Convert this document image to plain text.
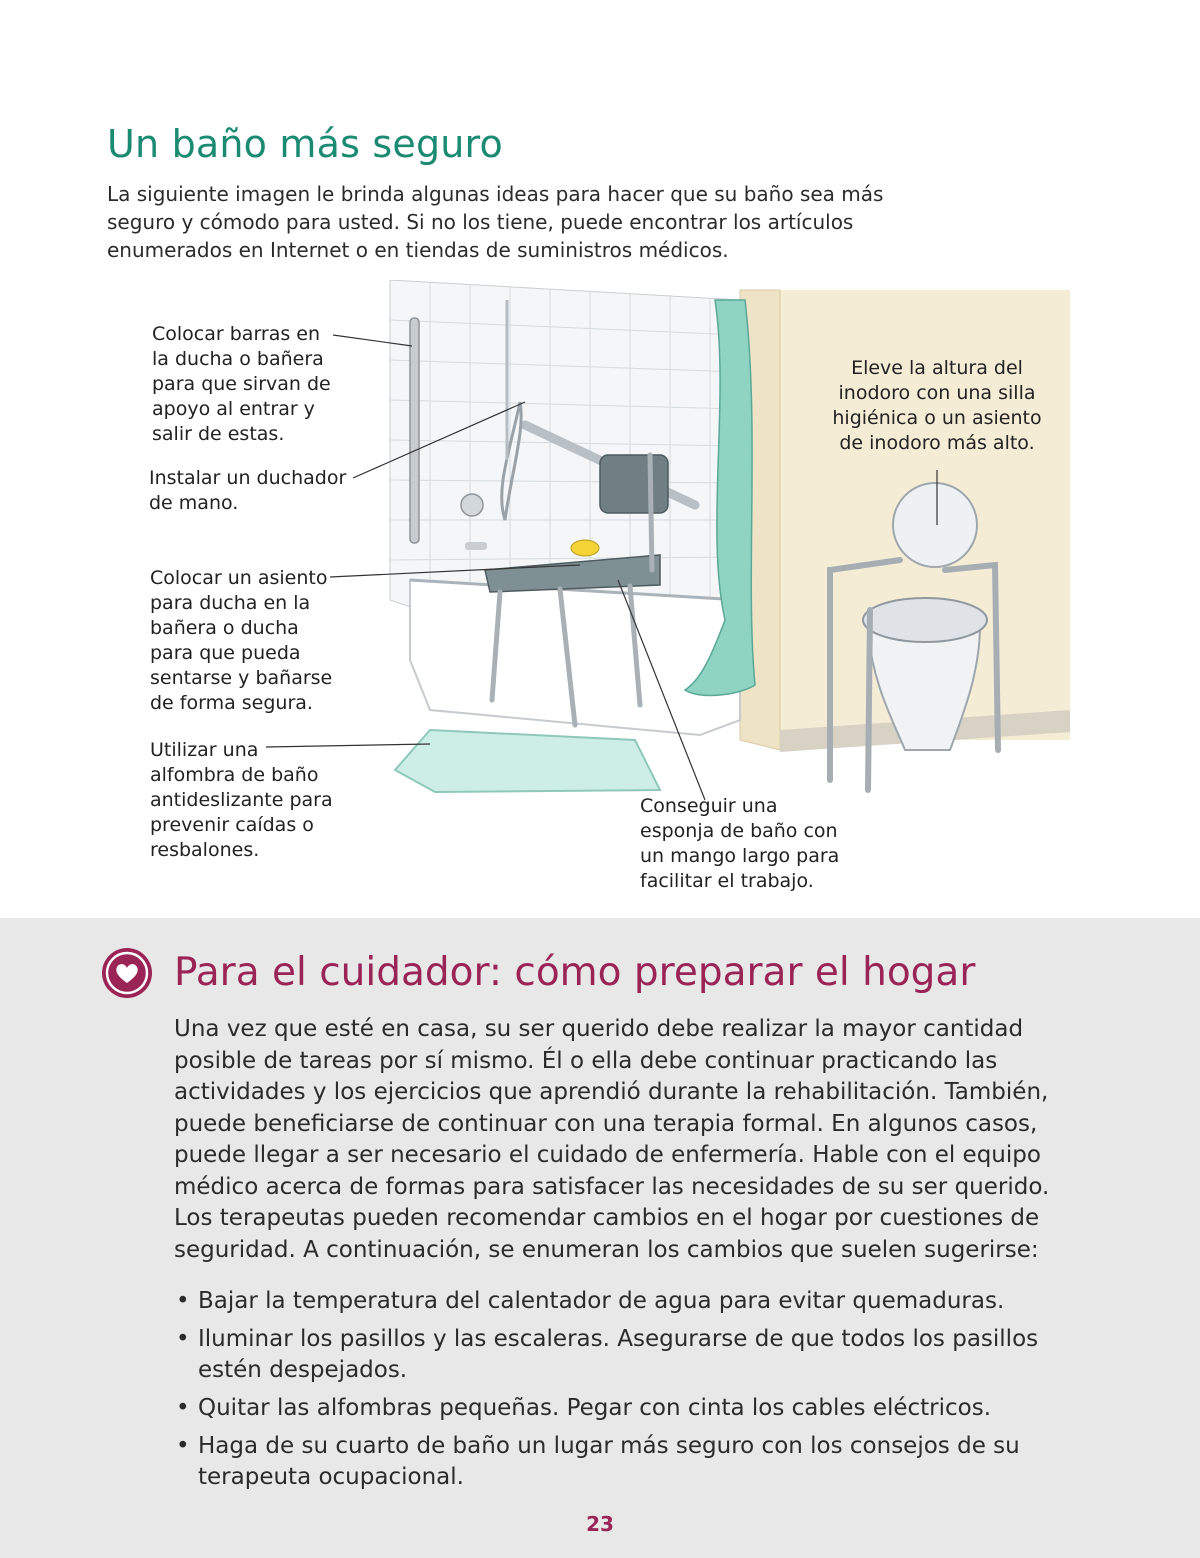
Un baño más seguro

La siguiente imagen le brinda algunas ideas para hacer que su baño sea más seguro y cómodo para usted. Si no los tiene, puede encontrar los artículos enumerados en Internet o en tiendas de suministros médicos.

Colocar barras en
la ducha o bañera
para que sirvan de
apoyo al entrar y
salir de estas.

Instalar un duchador
de mano.

Colocar un asiento
para ducha en la
bañera o ducha
para que pueda
sentarse y bañarse
de forma segura.

Utilizar una
alfombra de baño
antideslizante para
prevenir caídas o
resbalones.

Conseguir una
esponja de baño con
un mango largo para
facilitar el trabajo.

Eleve la altura del
inodoro con una silla
higiénica o un asiento
de inodoro más alto.

Para el cuidador: cómo preparar el hogar

Una vez que esté en casa, su ser querido debe realizar la mayor cantidad posible de tareas por sí mismo. Él o ella debe continuar practicando las actividades y los ejercicios que aprendió durante la rehabilitación. También, puede beneficiarse de continuar con una terapia formal. En algunos casos, puede llegar a ser necesario el cuidado de enfermería. Hable con el equipo médico acerca de formas para satisfacer las necesidades de su ser querido. Los terapeutas pueden recomendar cambios en el hogar por cuestiones de seguridad. A continuación, se enumeran los cambios que suelen sugerirse:

• Bajar la temperatura del calentador de agua para evitar quemaduras.
• Iluminar los pasillos y las escaleras. Asegurarse de que todos los pasillos estén despejados.
• Quitar las alfombras pequeñas. Pegar con cinta los cables eléctricos.
• Haga de su cuarto de baño un lugar más seguro con los consejos de su terapeuta ocupacional.
23
